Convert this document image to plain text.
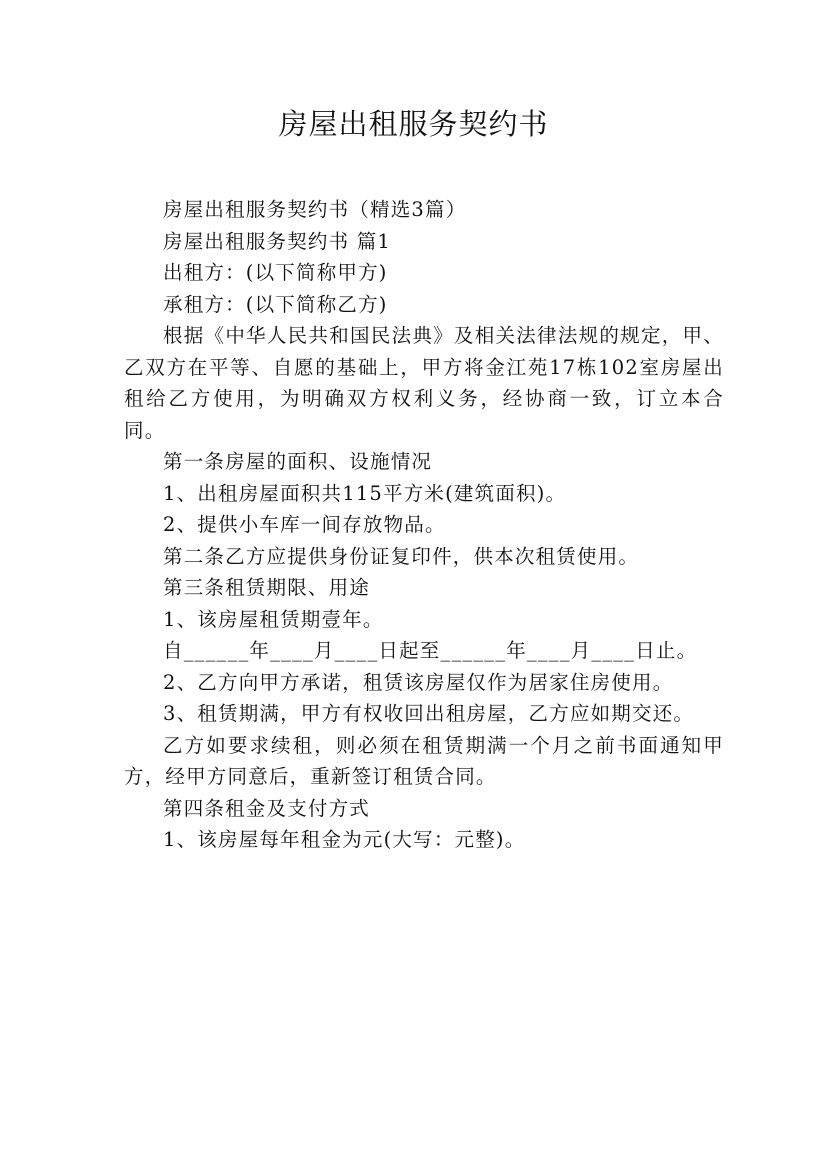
房屋出租服务契约书

房屋出租服务契约书（精选3篇）

房屋出租服务契约书 篇1

出租方：(以下简称甲方)

承租方：(以下简称乙方)

根据《中华人民共和国民法典》及相关法律法规的规定，甲、乙双方在平等、自愿的基础上，甲方将金江苑17栋102室房屋出租给乙方使用，为明确双方权利义务，经协商一致，订立本合同。

第一条房屋的面积、设施情况

1、出租房屋面积共115平方米(建筑面积)。

2、提供小车库一间存放物品。

第二条乙方应提供身份证复印件，供本次租赁使用。

第三条租赁期限、用途

1、该房屋租赁期壹年。

自______年____月____日起至______年____月____日止。

2、乙方向甲方承诺，租赁该房屋仅作为居家住房使用。

3、租赁期满，甲方有权收回出租房屋，乙方应如期交还。

乙方如要求续租，则必须在租赁期满一个月之前书面通知甲方，经甲方同意后，重新签订租赁合同。

第四条租金及支付方式

1、该房屋每年租金为元(大写：元整)。
